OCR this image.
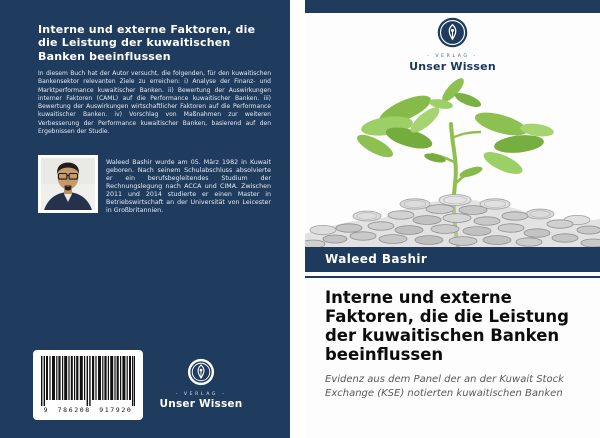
Interne und externe Faktoren, die die Leistung der kuwaitischen Banken beeinflussen

In diesem Buch hat der Autor versucht, die folgenden, für den kuwaitischen Bankensektor relevanten Ziele zu erreichen: i) Analyse der Finanz- und Marktperformance kuwaitischer Banken. ii) Bewertung der Auswirkungen interner Faktoren (CAML) auf die Performance kuwaitischer Banken. iii) Bewertung der Auswirkungen wirtschaftlicher Faktoren auf die Performance kuwaitischer Banken. iv) Vorschlag von Maßnahmen zur weiteren Verbesserung der Performance kuwaitischer Banken, basierend auf den Ergebnissen der Studie.

Waleed Bashir wurde am 05. März 1982 in Kuwait geboren. Nach seinem Schulabschluss absolvierte er ein berufsbegleitendes Studium der Rechnungslegung nach ACCA und CIMA. Zwischen 2011 und 2014 studierte er einen Master in Betriebswirtschaft an der Universität von Leicester in Großbritannien.

9 786208 917920
- VERLAG -
Unser Wissen
- VERLAG -
Unser Wissen
Waleed Bashir
Interne und externe
Faktoren, die die Leistung
der kuwaitischen Banken
beeinflussen

Evidenz aus dem Panel der an der Kuwait Stock Exchange (KSE) notierten kuwaitischen Banken
